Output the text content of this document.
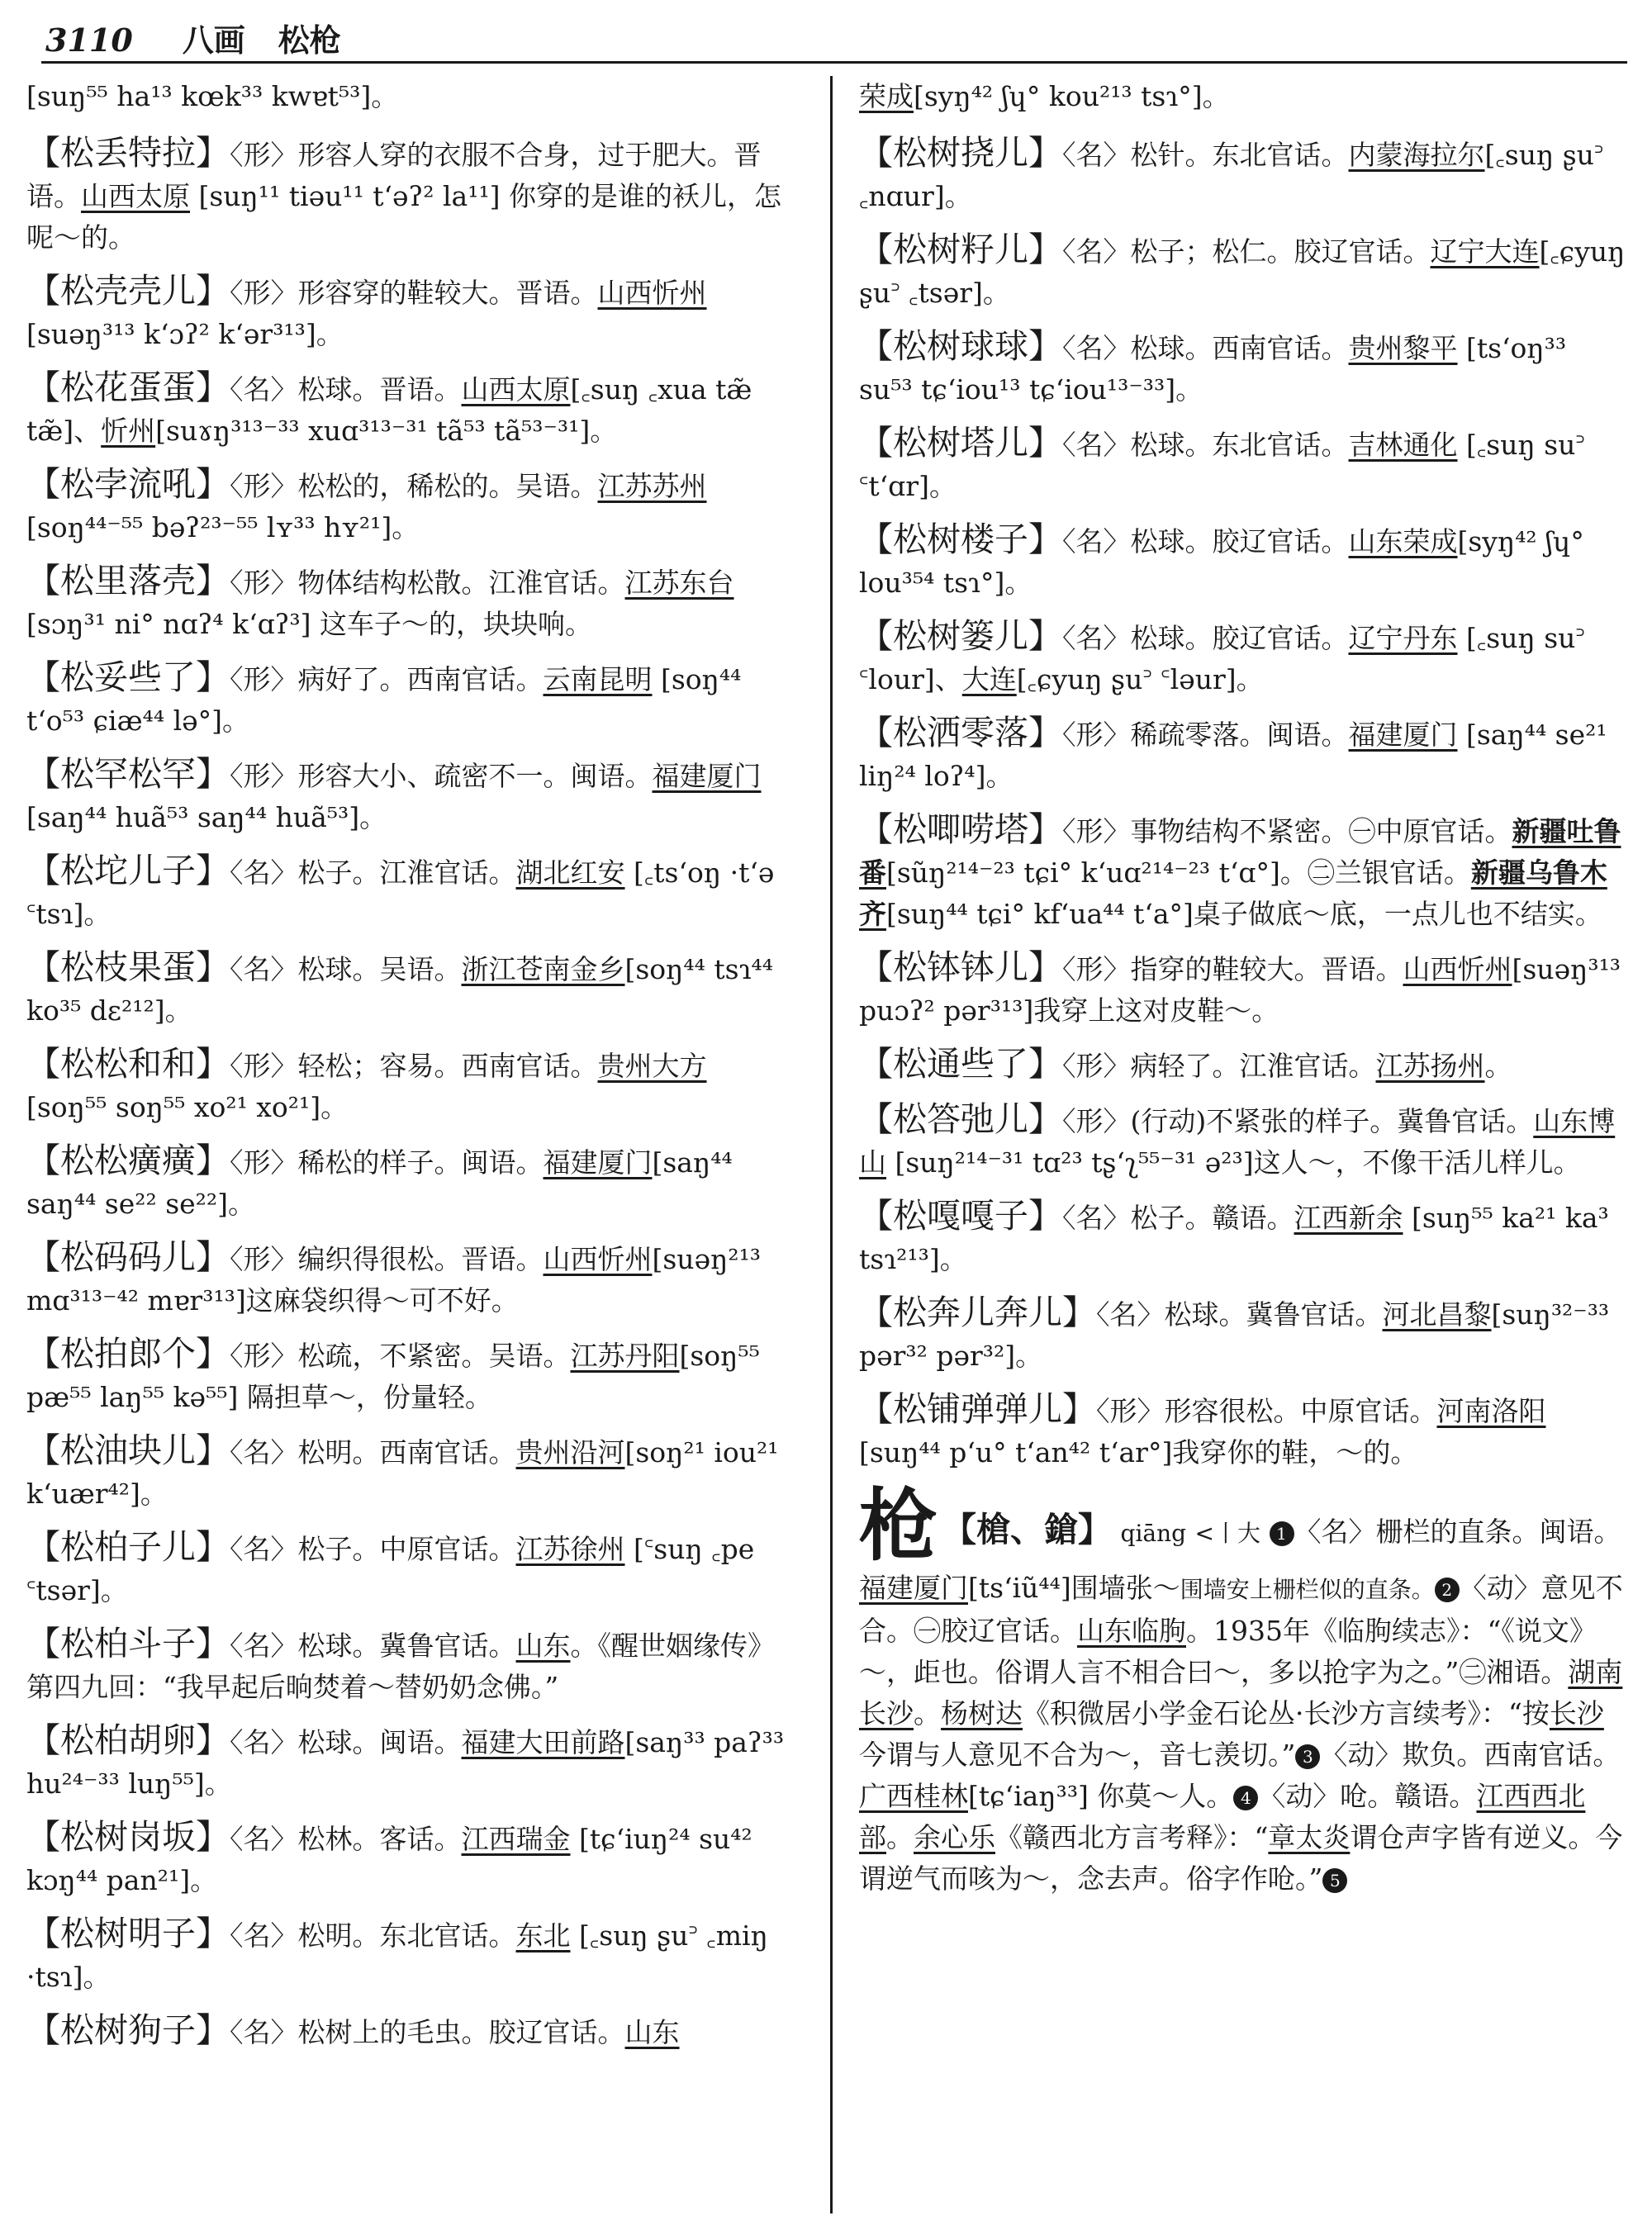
3110 八画 松枪
[suŋ⁵⁵ ha¹³ kœk³³ kwɐt⁵³]。
【松丢特拉】〈形〉形容人穿的衣服不合身，过于肥大。晋语。山西太原 [suŋ¹¹ tiəu¹¹ t‘əʔ² la¹¹] 你穿的是谁的袄儿，怎呢～的。
【松壳壳儿】〈形〉形容穿的鞋较大。晋语。山西忻州[suəŋ³¹³ k‘ɔʔ² k‘ər³¹³]。
【松花蛋蛋】〈名〉松球。晋语。山西太原[꜀suŋ ꜀xua tæ̃ tæ̃]、忻州[suɤŋ³¹³⁻³³ xuɑ³¹³⁻³¹ tã⁵³ tã⁵³⁻³¹]。
【松孛流吼】〈形〉松松的，稀松的。吴语。江苏苏州[soŋ⁴⁴⁻⁵⁵ bəʔ²³⁻⁵⁵ lʏ³³ hʏ²¹]。
【松里落壳】〈形〉物体结构松散。江淮官话。江苏东台 [sɔŋ³¹ ni° nɑʔ⁴ k‘ɑʔ³] 这车子～的，块块响。
【松妥些了】〈形〉病好了。西南官话。云南昆明 [soŋ⁴⁴ t‘o⁵³ ɕiæ⁴⁴ lə°]。
【松罕松罕】〈形〉形容大小、疏密不一。闽语。福建厦门 [saŋ⁴⁴ huã⁵³ saŋ⁴⁴ huã⁵³]。
【松坨儿子】〈名〉松子。江淮官话。湖北红安 [꜀ts‘oŋ ·t‘ə ꜂tsɿ]。
【松枝果蛋】〈名〉松球。吴语。浙江苍南金乡[soŋ⁴⁴ tsɿ⁴⁴ ko³⁵ dɛ²¹²]。
【松松和和】〈形〉轻松；容易。西南官话。贵州大方 [soŋ⁵⁵ soŋ⁵⁵ xo²¹ xo²¹]。
【松松癀癀】〈形〉稀松的样子。闽语。福建厦门[saŋ⁴⁴ saŋ⁴⁴ se²² se²²]。
【松码码儿】〈形〉编织得很松。晋语。山西忻州[suəŋ²¹³ mɑ³¹³⁻⁴² mɐr³¹³]这麻袋织得～可不好。
【松拍郎个】〈形〉松疏，不紧密。吴语。江苏丹阳[soŋ⁵⁵ pæ⁵⁵ laŋ⁵⁵ kə⁵⁵] 隔担草～，份量轻。
【松油块儿】〈名〉松明。西南官话。贵州沿河[soŋ²¹ iou²¹ k‘uær⁴²]。
【松柏子儿】〈名〉松子。中原官话。江苏徐州 [꜂suŋ ꜀pe ꜂tsər]。
【松柏斗子】〈名〉松球。冀鲁官话。山东。《醒世姻缘传》第四九回：“我早起后晌焚着～替奶奶念佛。”
【松柏胡卵】〈名〉松球。闽语。福建大田前路[saŋ³³ paʔ³³ hu²⁴⁻³³ luŋ⁵⁵]。
【松树岗坂】〈名〉松林。客话。江西瑞金 [tɕ‘iuŋ²⁴ su⁴² kɔŋ⁴⁴ pan²¹]。
【松树明子】〈名〉松明。东北官话。东北 [꜀suŋ ʂu꜄ ꜀miŋ ·tsɿ]。
【松树狗子】〈名〉松树上的毛虫。胶辽官话。山东
荣成[syŋ⁴² ʃɥ° kou²¹³ tsɿ°]。
【松树挠儿】〈名〉松针。东北官话。内蒙海拉尔[꜀suŋ ʂu꜄ ꜀nɑur]。
【松树籽儿】〈名〉松子；松仁。胶辽官话。辽宁大连[꜀ɕyuŋ ʂu꜄ ꜀tsər]。
【松树球球】〈名〉松球。西南官话。贵州黎平 [ts‘oŋ³³ su⁵³ tɕ‘iou¹³ tɕ‘iou¹³⁻³³]。
【松树塔儿】〈名〉松球。东北官话。吉林通化 [꜀suŋ su꜄ ꜂t‘ɑr]。
【松树楼子】〈名〉松球。胶辽官话。山东荣成[syŋ⁴² ʃɥ° lou³⁵⁴ tsɿ°]。
【松树篓儿】〈名〉松球。胶辽官话。辽宁丹东 [꜀suŋ su꜄ ꜂lour]、大连[꜀ɕyuŋ ʂu꜄ ꜂ləur]。
【松洒零落】〈形〉稀疏零落。闽语。福建厦门 [saŋ⁴⁴ se²¹ liŋ²⁴ loʔ⁴]。
【松唧唠塔】〈形〉事物结构不紧密。㊀中原官话。新疆吐鲁番[sũŋ²¹⁴⁻²³ tɕi° k‘uɑ²¹⁴⁻²³ t‘ɑ°]。㊁兰银官话。新疆乌鲁木齐[suŋ⁴⁴ tɕi° kf‘ua⁴⁴ t‘a°]桌子做底～底，一点儿也不结实。
【松钵钵儿】〈形〉指穿的鞋较大。晋语。山西忻州[suəŋ³¹³ puɔʔ² pər³¹³]我穿上这对皮鞋～。
【松通些了】〈形〉病轻了。江淮官话。江苏扬州。
【松答弛儿】〈形〉(行动)不紧张的样子。冀鲁官话。山东博山 [suŋ²¹⁴⁻³¹ tɑ²³ tʂ‘ʅ⁵⁵⁻³¹ ə²³]这人～，不像干活儿样儿。
【松嘎嘎子】〈名〉松子。赣语。江西新余 [suŋ⁵⁵ ka²¹ ka³ tsɿ²¹³]。
【松奔儿奔儿】〈名〉松球。冀鲁官话。河北昌黎[suŋ³²⁻³³ pər³² pər³²]。
【松铺弹弹儿】〈形〉形容很松。中原官话。河南洛阳[suŋ⁴⁴ p‘u° t‘an⁴² t‘ar°]我穿你的鞋，～的。
枪 【槍、鎗】 qiāng <丨大 1 〈名〉栅栏的直条。闽语。福建厦门[ts‘iũ⁴⁴]围墙张～围墙安上栅栏似的直条。 2 〈动〉意见不合。㊀胶辽官话。山东临朐。1935年《临朐续志》：“《说文》～，歫也。俗谓人言不相合曰～，多以抢字为之。”㊁湘语。湖南长沙。杨树达《积微居小学金石论丛·长沙方言续考》：“按长沙今谓与人意见不合为～，音七羡切。” 3 〈动〉欺负。西南官话。广西桂林[tɕ‘iaŋ³³] 你莫～人。 4 〈动〉呛。赣语。江西西北部。余心乐《赣西北方言考释》：“章太炎谓仓声字皆有逆义。今谓逆气而咳为～，念去声。俗字作呛。” 5
